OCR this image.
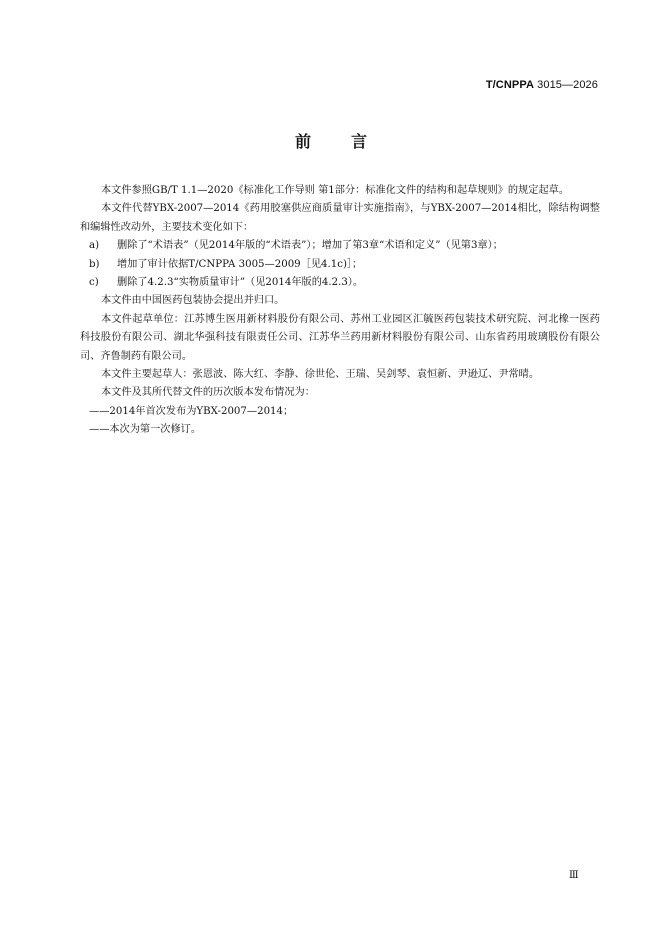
T/CNPPA 3015—2026
前	言

本文件参照GB/T 1.1—2020《标准化工作导则 第1部分：标准化文件的结构和起草规则》的规定起草。

本文件代替YBX-2007—2014《药用胶塞供应商质量审计实施指南》，与YBX-2007—2014相比，除结构调整和编辑性改动外，主要技术变化如下：

a) 删除了“术语表”（见2014年版的“术语表”）；增加了第3章“术语和定义”（见第3章）；

b) 增加了审计依据T/CNPPA 3005—2009［见4.1c)］；

c) 删除了4.2.3“实物质量审计”（见2014年版的4.2.3）。

本文件由中国医药包装协会提出并归口。

本文件起草单位：江苏博生医用新材料股份有限公司、苏州工业园区汇毓医药包装技术研究院、河北橡一医药科技股份有限公司、湖北华强科技有限责任公司、江苏华兰药用新材料股份有限公司、山东省药用玻璃股份有限公司、齐鲁制药有限公司。

本文件主要起草人：张恩波、陈大红、李静、徐世伦、王瑞、吴剑琴、袁恒新、尹逊辽、尹常晴。

本文件及其所代替文件的历次版本发布情况为：

——2014年首次发布为YBX-2007—2014；

——本次为第一次修订。

Ⅲ
